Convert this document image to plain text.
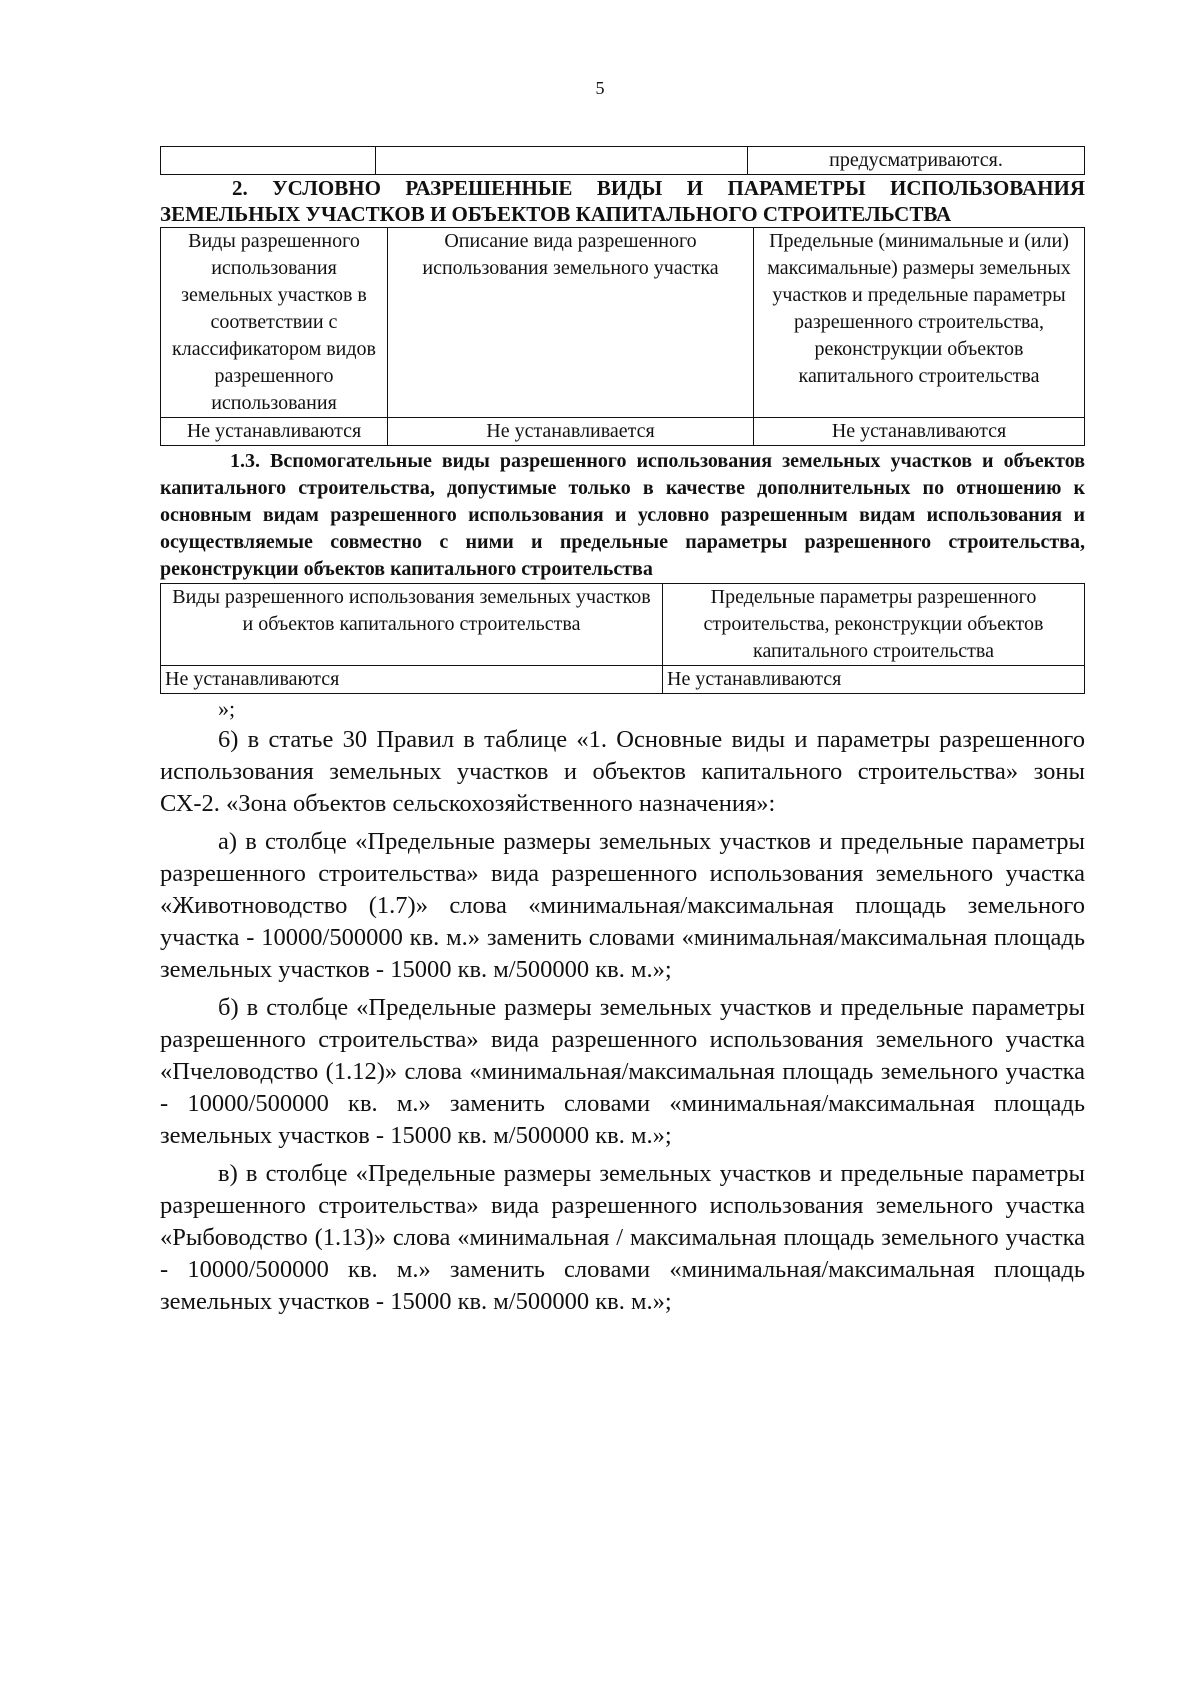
5
		предусматриваются.

2. УСЛОВНО РАЗРЕШЕННЫЕ ВИДЫ И ПАРАМЕТРЫ ИСПОЛЬЗОВАНИЯ ЗЕМЕЛЬНЫХ УЧАСТКОВ И ОБЪЕКТОВ КАПИТАЛЬНОГО СТРОИТЕЛЬСТВА

Виды разрешенного использования земельных участков в соответствии с классификатором видов разрешенного использования	Описание вида разрешенного использования земельного участка	Предельные (минимальные и (или) максимальные) размеры земельных участков и предельные параметры разрешенного строительства, реконструкции объектов капитального строительства
Не устанавливаются	Не устанавливается	Не устанавливаются

1.3. Вспомогательные виды разрешенного использования земельных участков и объектов капитального строительства, допустимые только в качестве дополнительных по отношению к основным видам разрешенного использования и условно разрешенным видам использования и осуществляемые совместно с ними и предельные параметры разрешенного строительства, реконструкции объектов капитального строительства

Виды разрешенного использования земельных участков и объектов капитального строительства	Предельные параметры разрешенного строительства, реконструкции объектов капитального строительства
Не устанавливаются	Не устанавливаются

»;

6) в статье 30 Правил в таблице «1. Основные виды и параметры разрешенного использования земельных участков и объектов капитального строительства» зоны СХ-2. «Зона объектов сельскохозяйственного назначения»:

а) в столбце «Предельные размеры земельных участков и предельные параметры разрешенного строительства» вида разрешенного использования земельного участка «Животноводство (1.7)» слова «минимальная/максимальная площадь земельного участка - 10000/500000 кв. м.» заменить словами «минимальная/максимальная площадь земельных участков - 15000 кв. м/500000 кв. м.»;

б) в столбце «Предельные размеры земельных участков и предельные параметры разрешенного строительства» вида разрешенного использования земельного участка «Пчеловодство (1.12)» слова «минимальная/максимальная площадь земельного участка - 10000/500000 кв. м.» заменить словами «минимальная/максимальная площадь земельных участков - 15000 кв. м/500000 кв. м.»;

в) в столбце «Предельные размеры земельных участков и предельные параметры разрешенного строительства» вида разрешенного использования земельного участка «Рыбоводство (1.13)» слова «минимальная / максимальная площадь земельного участка - 10000/500000 кв. м.» заменить словами «минимальная/максимальная площадь земельных участков - 15000 кв. м/500000 кв. м.»;
